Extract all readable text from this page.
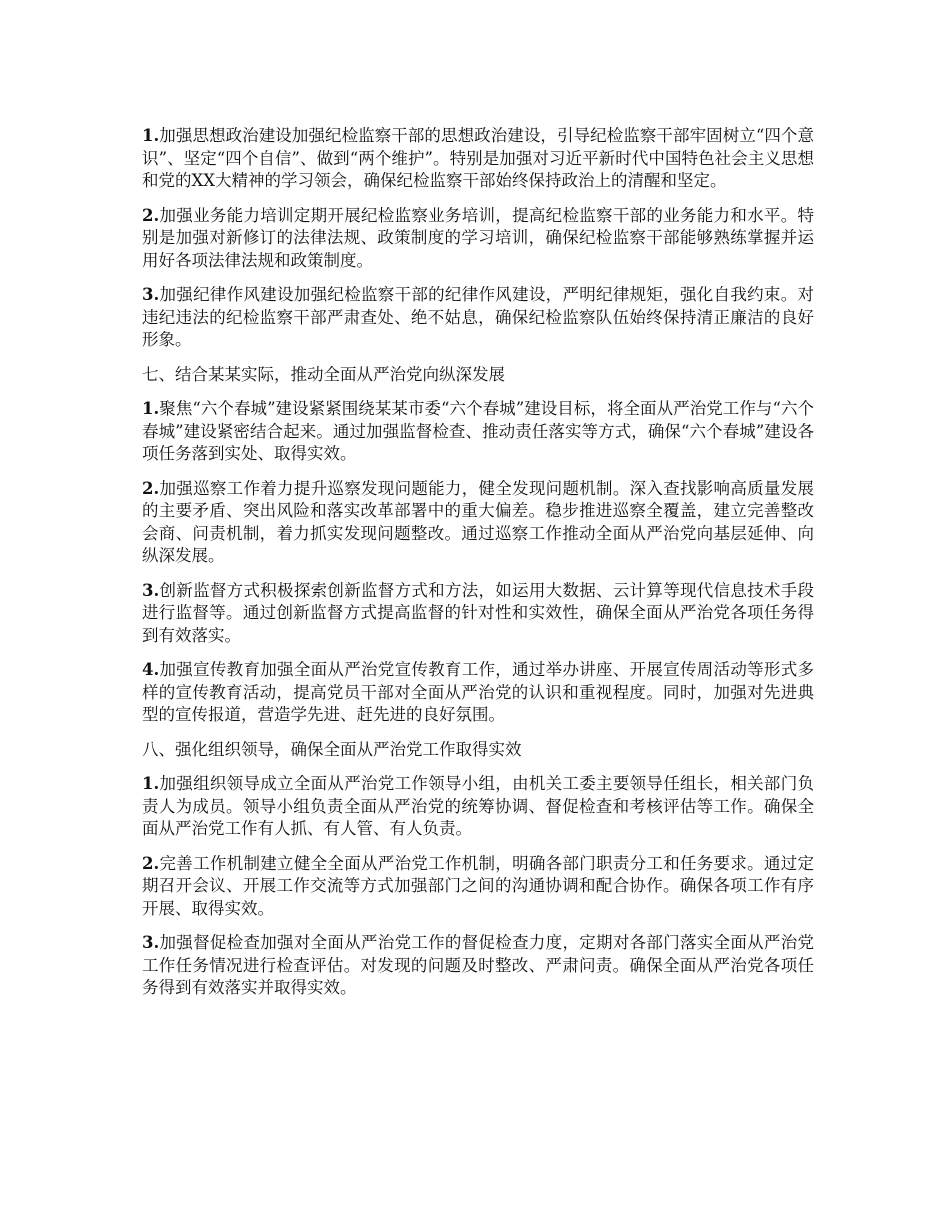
1.加强思想政治建设加强纪检监察干部的思想政治建设，引导纪检监察干部牢固树立“四个意识”、坚定“四个自信”、做到“两个维护”。特别是加强对习近平新时代中国特色社会主义思想和党的XX大精神的学习领会，确保纪检监察干部始终保持政治上的清醒和坚定。

2.加强业务能力培训定期开展纪检监察业务培训，提高纪检监察干部的业务能力和水平。特别是加强对新修订的法律法规、政策制度的学习培训，确保纪检监察干部能够熟练掌握并运用好各项法律法规和政策制度。

3.加强纪律作风建设加强纪检监察干部的纪律作风建设，严明纪律规矩，强化自我约束。对违纪违法的纪检监察干部严肃查处、绝不姑息，确保纪检监察队伍始终保持清正廉洁的良好形象。

七、结合某某实际，推动全面从严治党向纵深发展

1.聚焦“六个春城”建设紧紧围绕某某市委“六个春城”建设目标，将全面从严治党工作与“六个春城”建设紧密结合起来。通过加强监督检查、推动责任落实等方式，确保“六个春城”建设各项任务落到实处、取得实效。

2.加强巡察工作着力提升巡察发现问题能力，健全发现问题机制。深入查找影响高质量发展的主要矛盾、突出风险和落实改革部署中的重大偏差。稳步推进巡察全覆盖，建立完善整改会商、问责机制，着力抓实发现问题整改。通过巡察工作推动全面从严治党向基层延伸、向纵深发展。

3.创新监督方式积极探索创新监督方式和方法，如运用大数据、云计算等现代信息技术手段进行监督等。通过创新监督方式提高监督的针对性和实效性，确保全面从严治党各项任务得到有效落实。

4.加强宣传教育加强全面从严治党宣传教育工作，通过举办讲座、开展宣传周活动等形式多样的宣传教育活动，提高党员干部对全面从严治党的认识和重视程度。同时，加强对先进典型的宣传报道，营造学先进、赶先进的良好氛围。

八、强化组织领导，确保全面从严治党工作取得实效

1.加强组织领导成立全面从严治党工作领导小组，由机关工委主要领导任组长，相关部门负责人为成员。领导小组负责全面从严治党的统筹协调、督促检查和考核评估等工作。确保全面从严治党工作有人抓、有人管、有人负责。

2.完善工作机制建立健全全面从严治党工作机制，明确各部门职责分工和任务要求。通过定期召开会议、开展工作交流等方式加强部门之间的沟通协调和配合协作。确保各项工作有序开展、取得实效。

3.加强督促检查加强对全面从严治党工作的督促检查力度，定期对各部门落实全面从严治党工作任务情况进行检查评估。对发现的问题及时整改、严肃问责。确保全面从严治党各项任务得到有效落实并取得实效。
